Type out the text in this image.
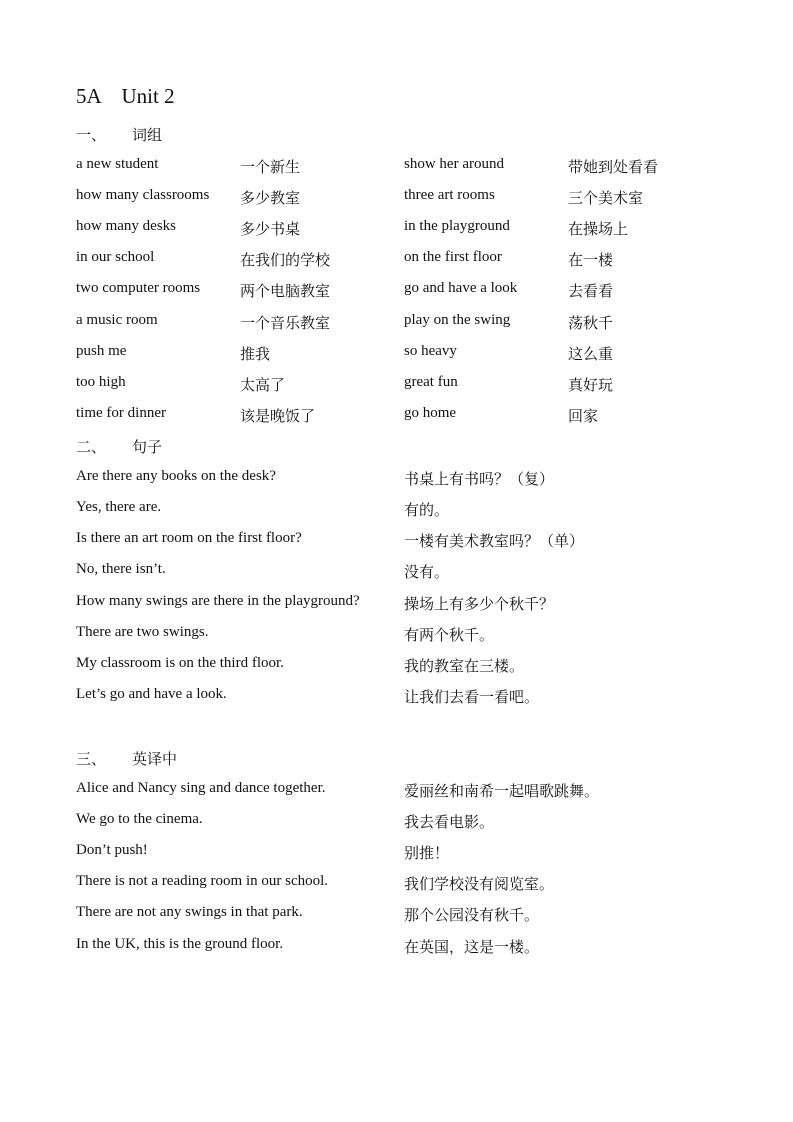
5A    Unit 2
一、 词组
a new student	一个新生	show her around	带她到处看看
how many classrooms 多少教室	three art rooms	三个美术室
how many desks	多少书桌	in the playground	在操场上
in our school	在我们的学校	on the first floor	在一楼
two computer rooms	两个电脑教室	go and have a look	去看看
a music room	一个音乐教室	play on the swing	荡秋千
push me	推我	so heavy	这么重
too high	太高了	great fun	真好玩
time for dinner	该是晚饭了	go home	回家
二、 句子
Are there any books on the desk?	书桌上有书吗？（复）
Yes, there are.	有的。
Is there an art room on the first floor?	一楼有美术教室吗？（单）
No, there isn’t.	没有。
How many swings are there in the playground?	操场上有多少个秋千？
There are two swings.	有两个秋千。
My classroom is on the third floor.	我的教室在三楼。
Let’s go and have a look.	让我们去看一看吧。
三、 英译中
Alice and Nancy sing and dance together.	爱丽丝和南希一起唱歌跳舞。
We go to the cinema.	我去看电影。
Don’t push!	别推！
There is not a reading room in our school.	我们学校没有阅览室。
There are not any swings in that park.	那个公园没有秋千。
In the UK, this is the ground floor.	在英国，这是一楼。
